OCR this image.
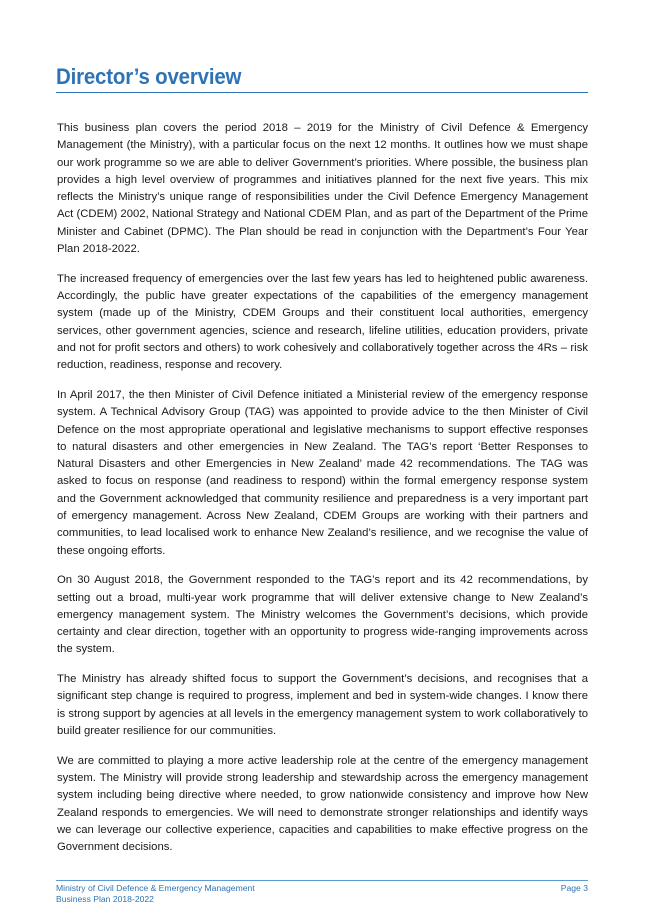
Director’s overview

This business plan covers the period 2018 – 2019 for the Ministry of Civil Defence & Emergency Management (the Ministry), with a particular focus on the next 12 months. It outlines how we must shape our work programme so we are able to deliver Government’s priorities. Where possible, the business plan provides a high level overview of programmes and initiatives planned for the next five years. This mix reflects the Ministry’s unique range of responsibilities under the Civil Defence Emergency Management Act (CDEM) 2002, National Strategy and National CDEM Plan, and as part of the Department of the Prime Minister and Cabinet (DPMC). The Plan should be read in conjunction with the Department’s Four Year Plan 2018-2022.

The increased frequency of emergencies over the last few years has led to heightened public awareness. Accordingly, the public have greater expectations of the capabilities of the emergency management system (made up of the Ministry, CDEM Groups and their constituent local authorities, emergency services, other government agencies, science and research, lifeline utilities, education providers, private and not for profit sectors and others) to work cohesively and collaboratively together across the 4Rs – risk reduction, readiness, response and recovery.

In April 2017, the then Minister of Civil Defence initiated a Ministerial review of the emergency response system. A Technical Advisory Group (TAG) was appointed to provide advice to the then Minister of Civil Defence on the most appropriate operational and legislative mechanisms to support effective responses to natural disasters and other emergencies in New Zealand. The TAG’s report ‘Better Responses to Natural Disasters and other Emergencies in New Zealand’ made 42 recommendations. The TAG was asked to focus on response (and readiness to respond) within the formal emergency response system and the Government acknowledged that community resilience and preparedness is a very important part of emergency management. Across New Zealand, CDEM Groups are working with their partners and communities, to lead localised work to enhance New Zealand’s resilience, and we recognise the value of these ongoing efforts.

On 30 August 2018, the Government responded to the TAG’s report and its 42 recommendations, by setting out a broad, multi-year work programme that will deliver extensive change to New Zealand’s emergency management system. The Ministry welcomes the Government’s decisions, which provide certainty and clear direction, together with an opportunity to progress wide-ranging improvements across the system.

The Ministry has already shifted focus to support the Government’s decisions, and recognises that a significant step change is required to progress, implement and bed in system-wide changes. I know there is strong support by agencies at all levels in the emergency management system to work collaboratively to build greater resilience for our communities.

We are committed to playing a more active leadership role at the centre of the emergency management system. The Ministry will provide strong leadership and stewardship across the emergency management system including being directive where needed, to grow nationwide consistency and improve how New Zealand responds to emergencies. We will need to demonstrate stronger relationships and identify ways we can leverage our collective experience, capacities and capabilities to make effective progress on the Government decisions.

Ministry of Civil Defence & Emergency Management
Business Plan 2018-2022
Page 3
